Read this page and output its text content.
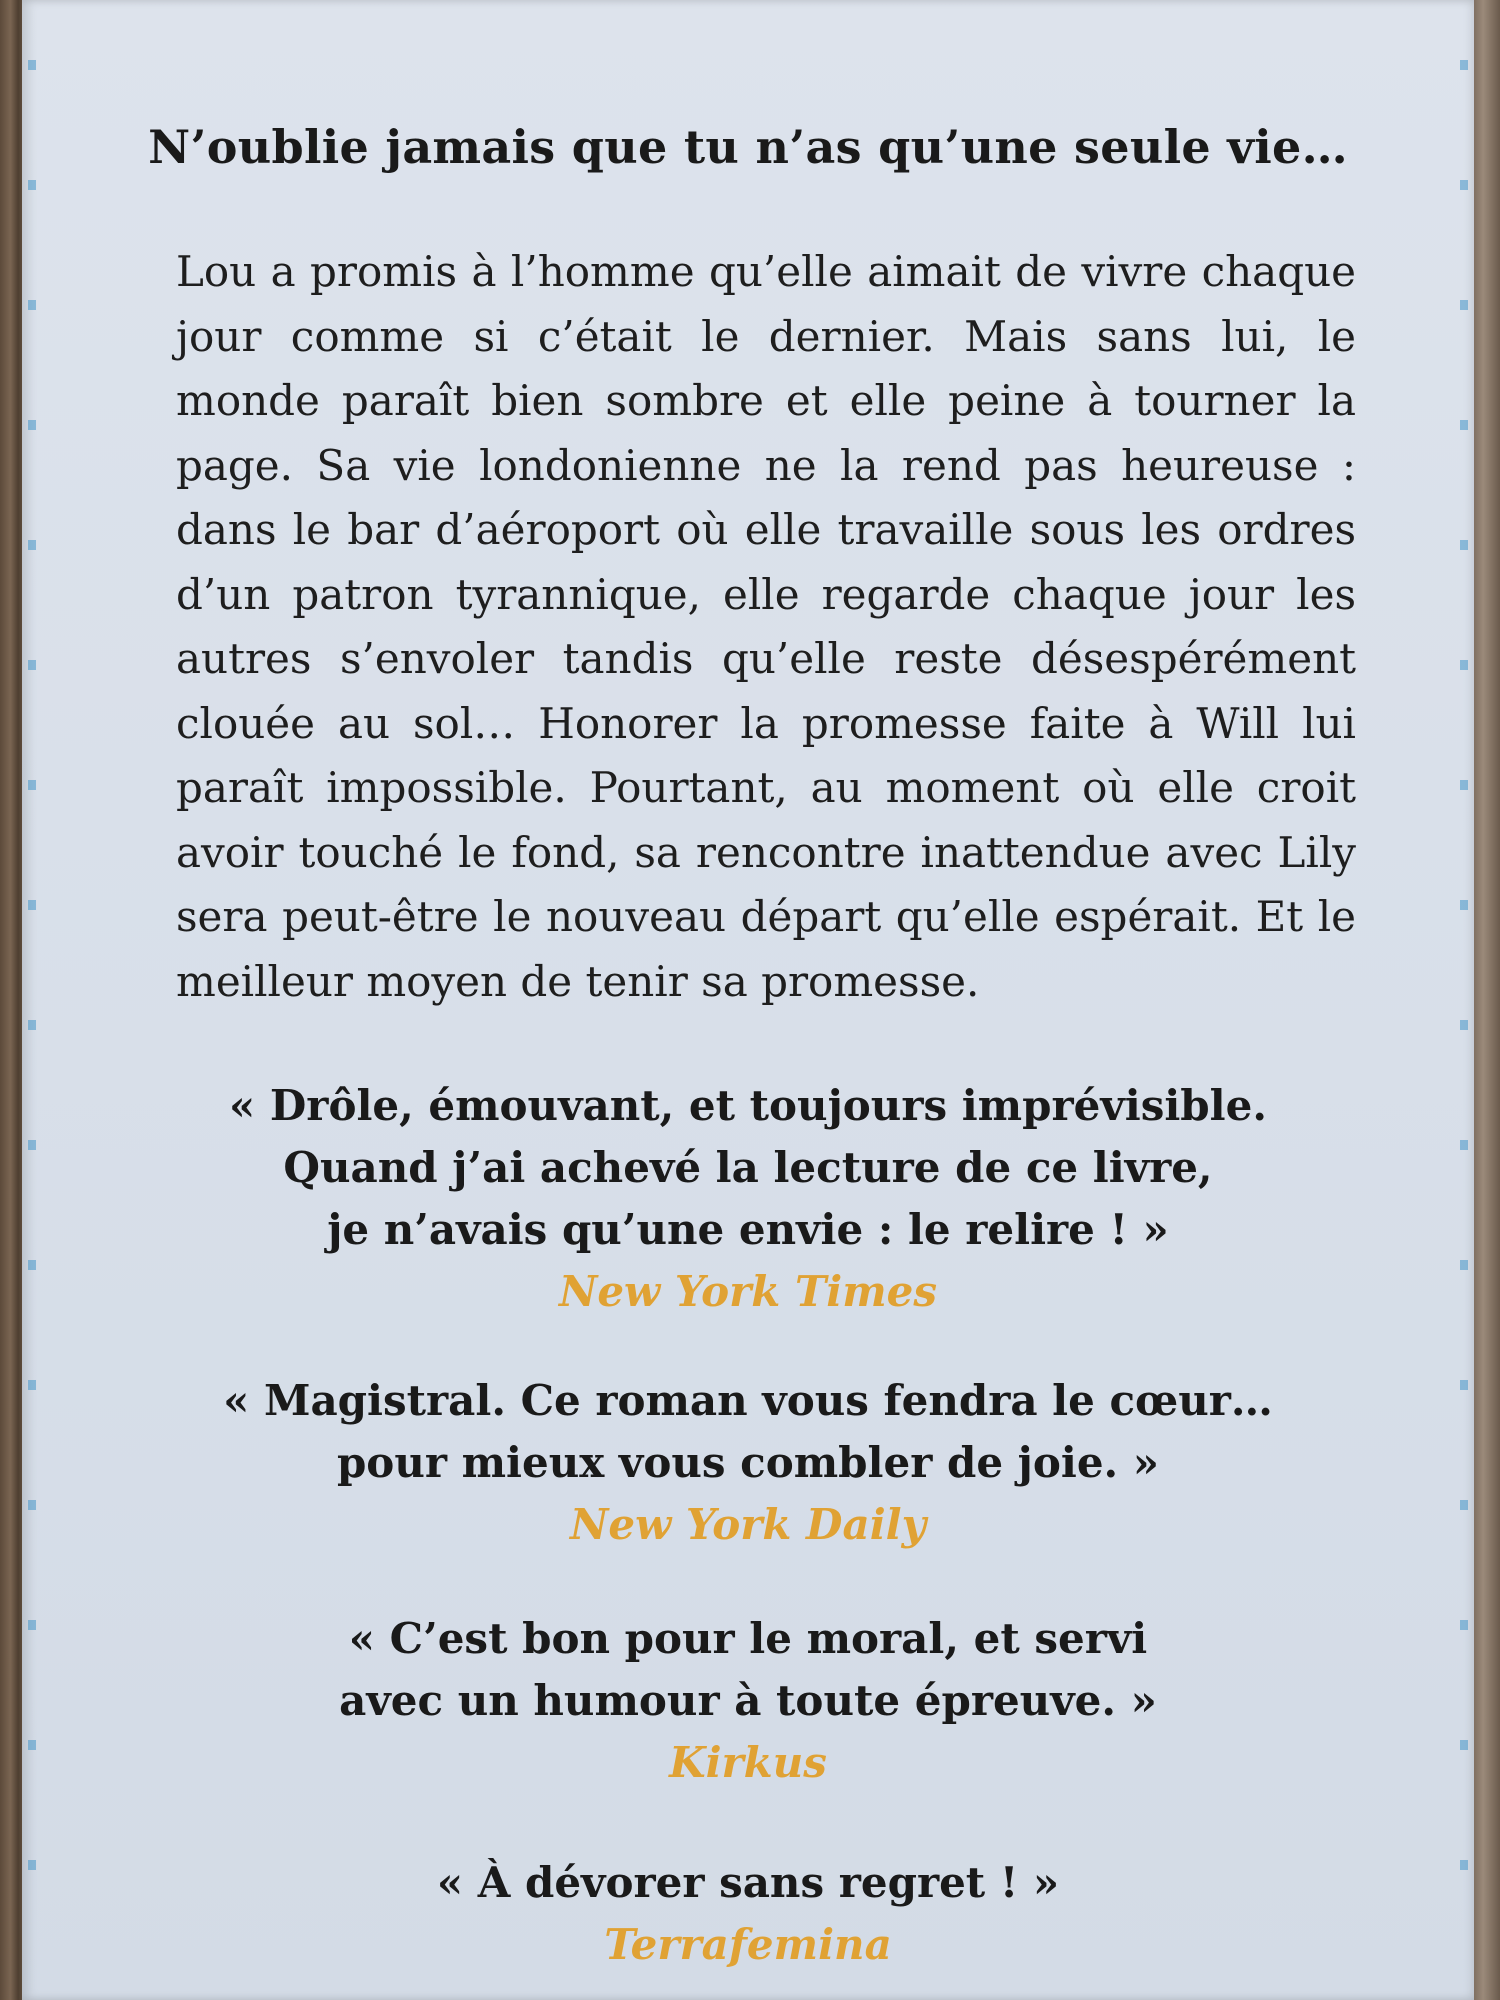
N’oublie jamais que tu n’as qu’une seule vie…
Lou a promis à l’homme qu’elle aimait de vivre chaque jour comme si c’était le dernier. Mais sans lui, le monde paraît bien sombre et elle peine à tourner la page. Sa vie londonienne ne la rend pas heureuse : dans le bar d’aéroport où elle travaille sous les ordres d’un patron tyrannique, elle regarde chaque jour les autres s’envoler tandis qu’elle reste désespérément clouée au sol… Honorer la promesse faite à Will lui paraît impossible. Pourtant, au moment où elle croit avoir touché le fond, sa rencontre inattendue avec Lily sera peut-être le nouveau départ qu’elle espérait. Et le meilleur moyen de tenir sa promesse.
« Drôle, émouvant, et toujours imprévisible.
Quand j’ai achevé la lecture de ce livre,
je n’avais qu’une envie : le relire ! »
New York Times
« Magistral. Ce roman vous fendra le cœur…
pour mieux vous combler de joie. »
New York Daily
« C’est bon pour le moral, et servi
avec un humour à toute épreuve. »
Kirkus
« À dévorer sans regret ! »
Terrafemina
